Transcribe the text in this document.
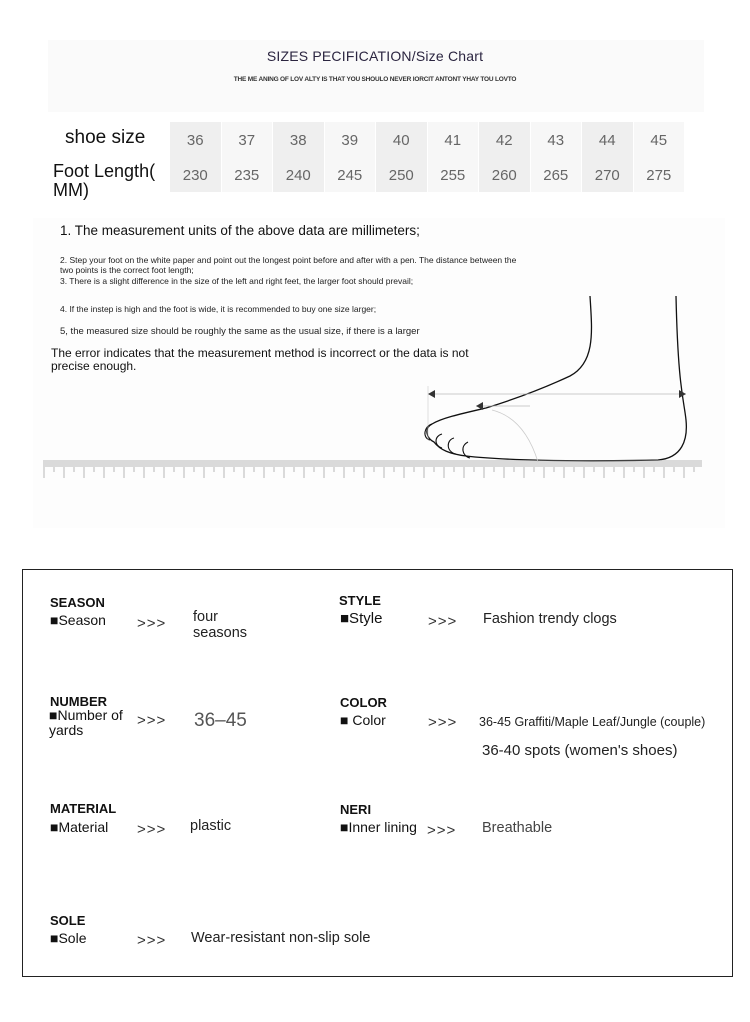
SIZES PECIFICATION/Size Chart
THE ME ANING OF LOV ALTY IS THAT YOU SHOULO NEVER IORCIT ANTONT YHAY TOU LOVTO
shoe size
Foot Length( MM)
36	37	38	39	40	41	42	43	44	45
230	235	240	245	250	255	260	265	270	275
1. The measurement units of the above data are millimeters;
2. Step your foot on the white paper and point out the longest point before and after with a pen. The distance between the two points is the correct foot length;
3. There is a slight difference in the size of the left and right feet, the larger foot should prevail;
4. If the instep is high and the foot is wide, it is recommended to buy one size larger;
5, the measured size should be roughly the same as the usual size, if there is a larger
The error indicates that the measurement method is incorrect or the data is not precise enough.
SEASON
■Season >>> four seasons
STYLE
■Style	>>> Fashion trendy clogs
NUMBER
■Number of yards
>>> 36–45
COLOR
■ Color	>>> 36-45 Graffiti/Maple Leaf/Jungle (couple)
36-40 spots (women's shoes)
MATERIAL
■Material >>> plastic
NERI
■Inner lining >>> Breathable
SOLE
■Sole	>>> Wear-resistant non-slip sole
